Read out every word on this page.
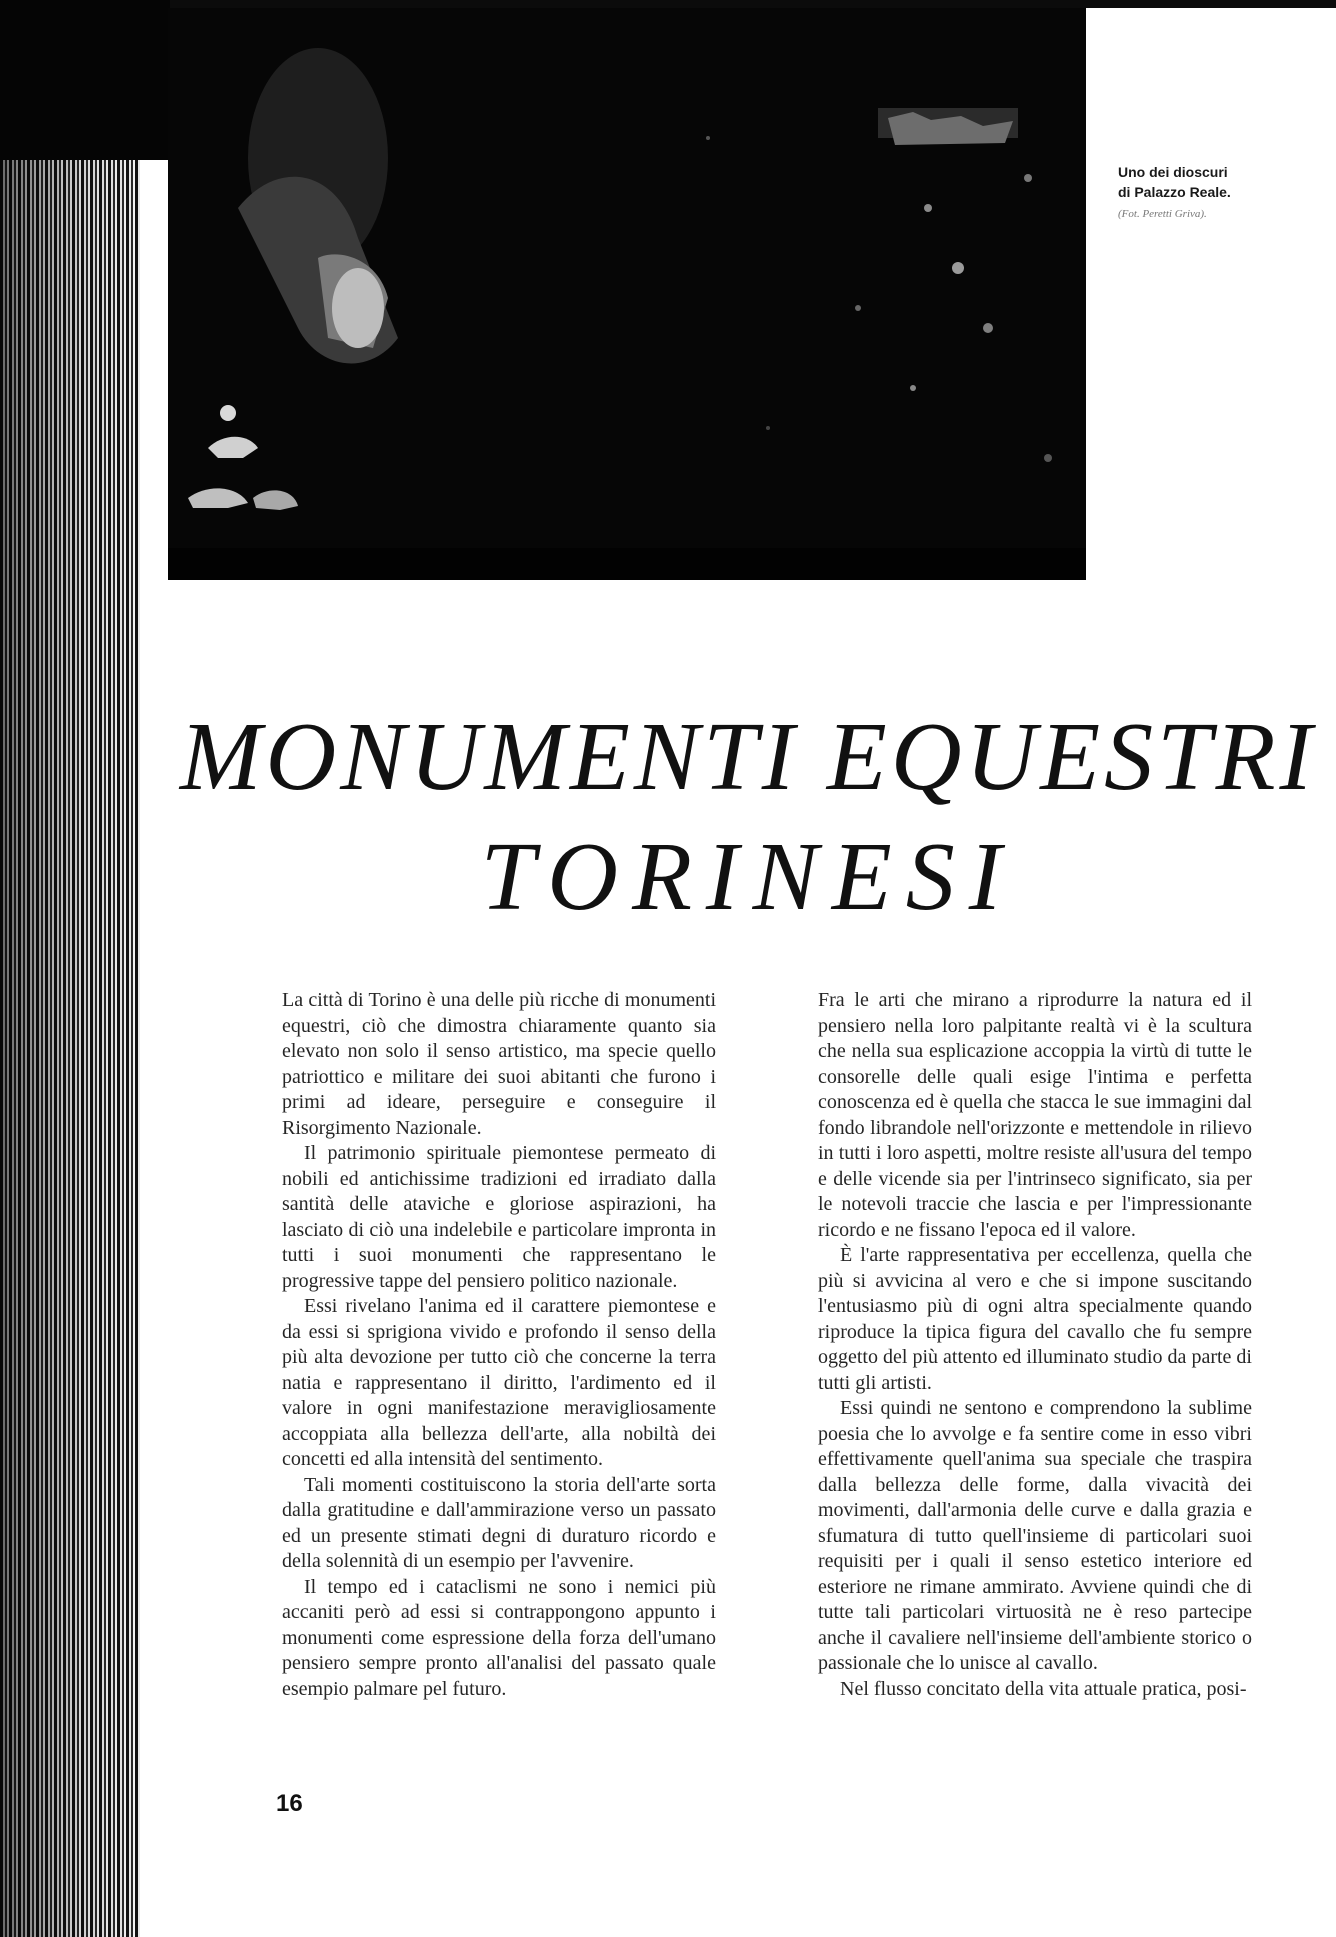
Uno dei dioscuri
di Palazzo Reale.
(Fot. Peretti Griva).
MONUMENTI EQUESTRI
TORINESI

La città di Torino è una delle più ricche di monumenti equestri, ciò che dimostra chiaramente quanto sia elevato non solo il senso artistico, ma specie quello patriottico e militare dei suoi abitanti che furono i primi ad ideare, perseguire e conseguire il Risorgimento Nazionale.

Il patrimonio spirituale piemontese permeato di nobili ed antichissime tradizioni ed irradiato dalla santità delle ataviche e gloriose aspirazioni, ha lasciato di ciò una indelebile e particolare impronta in tutti i suoi monumenti che rappresentano le progressive tappe del pensiero politico nazionale.

Essi rivelano l'anima ed il carattere piemontese e da essi si sprigiona vivido e profondo il senso della più alta devozione per tutto ciò che concerne la terra natia e rappresentano il diritto, l'ardimento ed il valore in ogni manifestazione meravigliosamente accoppiata alla bellezza dell'arte, alla nobiltà dei concetti ed alla intensità del sentimento.

Tali momenti costituiscono la storia dell'arte sorta dalla gratitudine e dall'ammirazione verso un passato ed un presente stimati degni di duraturo ricordo e della solennità di un esempio per l'avvenire.

Il tempo ed i cataclismi ne sono i nemici più accaniti però ad essi si contrappongono appunto i monumenti come espressione della forza dell'umano pensiero sempre pronto all'analisi del passato quale esempio palmare pel futuro.

Fra le arti che mirano a riprodurre la natura ed il pensiero nella loro palpitante realtà vi è la scultura che nella sua esplicazione accoppia la virtù di tutte le consorelle delle quali esige l'intima e perfetta conoscenza ed è quella che stacca le sue immagini dal fondo librandole nell'orizzonte e mettendole in rilievo in tutti i loro aspetti, moltre resiste all'usura del tempo e delle vicende sia per l'intrinseco significato, sia per le notevoli traccie che lascia e per l'impressionante ricordo e ne fissano l'epoca ed il valore.

È l'arte rappresentativa per eccellenza, quella che più si avvicina al vero e che si impone suscitando l'entusiasmo più di ogni altra specialmente quando riproduce la tipica figura del cavallo che fu sempre oggetto del più attento ed illuminato studio da parte di tutti gli artisti.

Essi quindi ne sentono e comprendono la sublime poesia che lo avvolge e fa sentire come in esso vibri effettivamente quell'anima sua speciale che traspira dalla bellezza delle forme, dalla vivacità dei movimenti, dall'armonia delle curve e dalla grazia e sfumatura di tutto quell'insieme di particolari suoi requisiti per i quali il senso estetico interiore ed esteriore ne rimane ammirato. Avviene quindi che di tutte tali particolari virtuosità ne è reso partecipe anche il cavaliere nell'insieme dell'ambiente storico o passionale che lo unisce al cavallo.

Nel flusso concitato della vita attuale pratica, posi-

16
